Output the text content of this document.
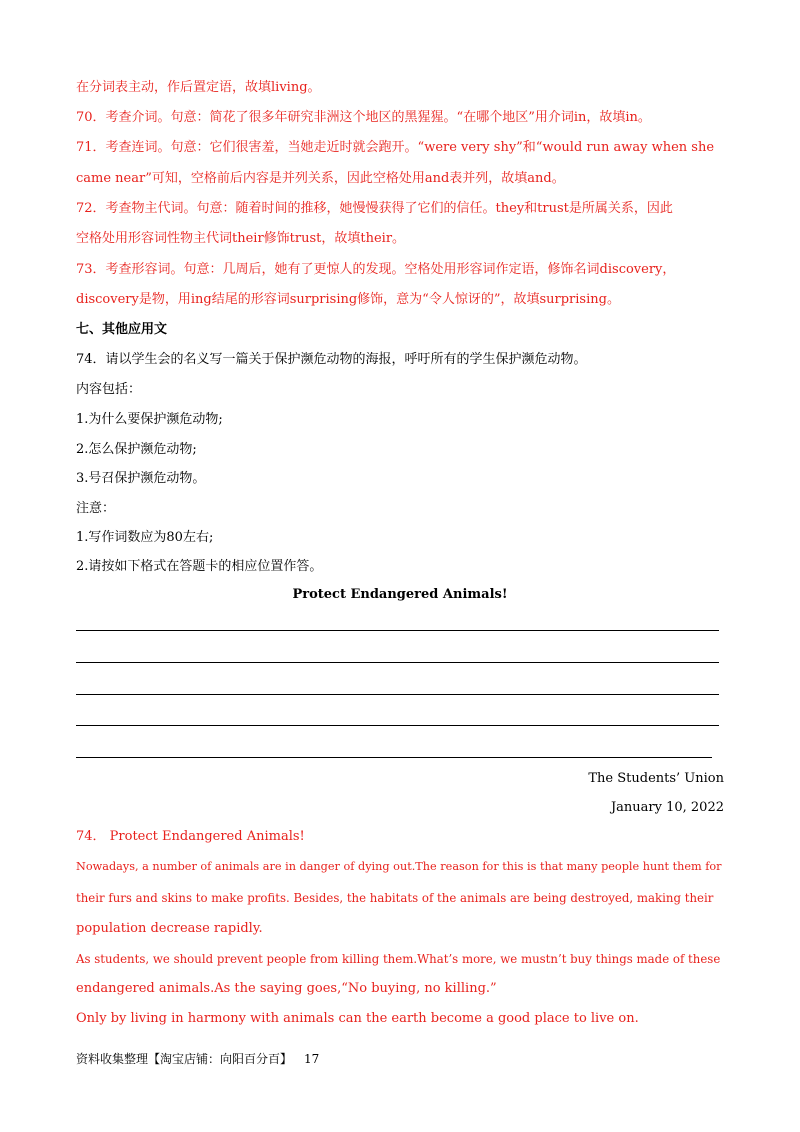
在分词表主动，作后置定语，故填living。
70．考查介词。句意：简花了很多年研究非洲这个地区的黑猩猩。“在哪个地区”用介词in，故填in。
71．考查连词。句意：它们很害羞，当她走近时就会跑开。“were very shy”和“would run away when she
came near”可知，空格前后内容是并列关系，因此空格处用and表并列，故填and。
72．考查物主代词。句意：随着时间的推移，她慢慢获得了它们的信任。they和trust是所属关系，因此
空格处用形容词性物主代词their修饰trust，故填their。
73．考查形容词。句意：几周后，她有了更惊人的发现。空格处用形容词作定语，修饰名词discovery，
discovery是物，用ing结尾的形容词surprising修饰，意为“令人惊讶的”，故填surprising。
七、其他应用文
74．请以学生会的名义写一篇关于保护濒危动物的海报，呼吁所有的学生保护濒危动物。
内容包括：
1.为什么要保护濒危动物;
2.怎么保护濒危动物;
3.号召保护濒危动物。
注意：
1.写作词数应为80左右;
2.请按如下格式在答题卡的相应位置作答。
Protect Endangered Animals!
The Students’ Union
January 10, 2022
74． Protect Endangered Animals!
Nowadays, a number of animals are in danger of dying out.The reason for this is that many people hunt them for
their furs and skins to make profits. Besides, the habitats of the animals are being destroyed, making their
population decrease rapidly.
As students, we should prevent people from killing them.What’s more, we mustn’t buy things made of these
endangered animals.As the saying goes,“No buying, no killing.”
Only by living in harmony with animals can the earth become a good place to live on.
资料收集整理【淘宝店铺：向阳百分百】 17
